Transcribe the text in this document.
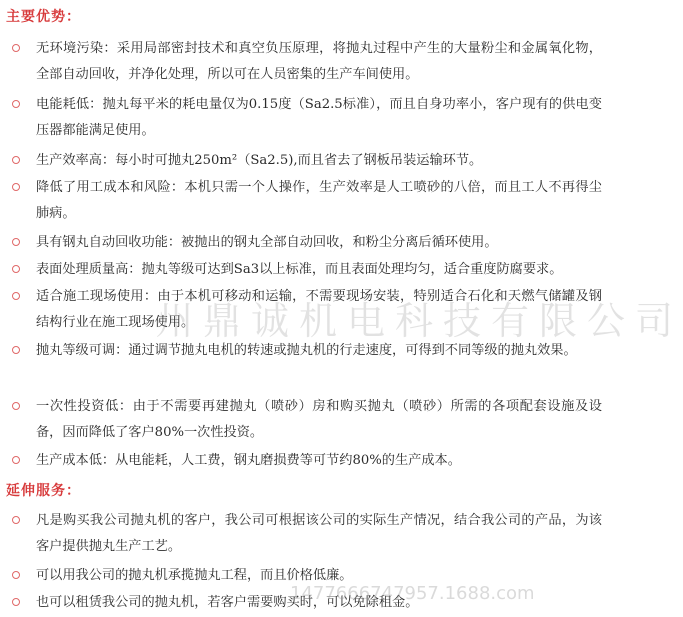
主要优势：
无环境污染：采用局部密封技术和真空负压原理，将抛丸过程中产生的大量粉尘和金属氧化物，全部自动回收，并净化处理，所以可在人员密集的生产车间使用。
电能耗低：抛丸每平米的耗电量仅为0.15度（Sa2.5标准），而且自身功率小，客户现有的供电变压器都能满足使用。
生产效率高：每小时可抛丸250m²（Sa2.5),而且省去了钢板吊装运输环节。
降低了用工成本和风险：本机只需一个人操作，生产效率是人工喷砂的八倍，而且工人不再得尘肺病。
具有钢丸自动回收功能：被抛出的钢丸全部自动回收，和粉尘分离后循环使用。
表面处理质量高：抛丸等级可达到Sa3以上标准，而且表面处理均匀，适合重度防腐要求。
适合施工现场使用：由于本机可移动和运输，不需要现场安装，特别适合石化和天燃气储罐及钢结构行业在施工现场使用。
抛丸等级可调：通过调节抛丸电机的转速或抛丸机的行走速度，可得到不同等级的抛丸效果。
一次性投资低：由于不需要再建抛丸（喷砂）房和购买抛丸（喷砂）所需的各项配套设施及设备，因而降低了客户80%一次性投资。
生产成本低：从电能耗，人工费，钢丸磨损费等可节约80%的生产成本。
延伸服务：
凡是购买我公司抛丸机的客户，我公司可根据该公司的实际生产情况，结合我公司的产品，为该客户提供抛丸生产工艺。
可以用我公司的抛丸机承揽抛丸工程，而且价格低廉。
也可以租赁我公司的抛丸机，若客户需要购买时，可以免除租金。
州鼎诚机电科技有限公司
1477666747957.1688.com
